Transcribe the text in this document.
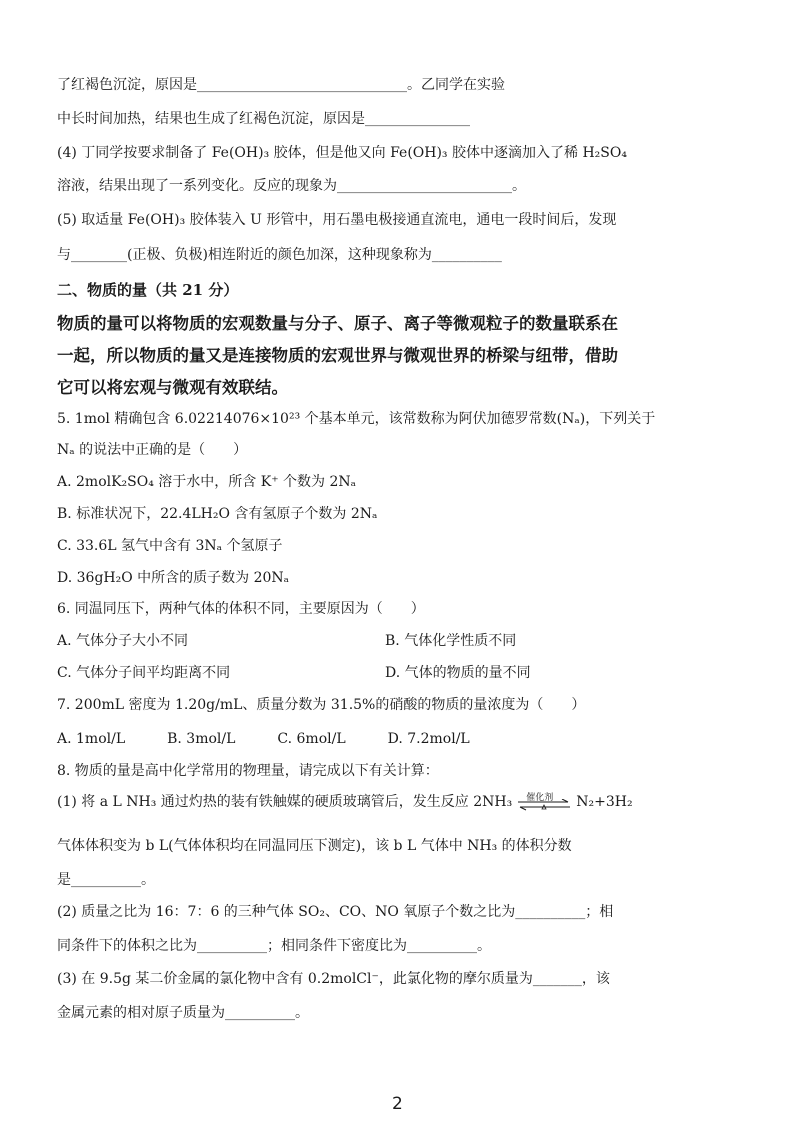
了红褐色沉淀，原因是______________________________。乙同学在实验
中长时间加热，结果也生成了红褐色沉淀，原因是_______________
(4) 丁同学按要求制备了 Fe(OH)₃ 胶体，但是他又向 Fe(OH)₃ 胶体中逐滴加入了稀 H₂SO₄
溶液，结果出现了一系列变化。反应的现象为_________________________。
(5) 取适量 Fe(OH)₃ 胶体装入 U 形管中，用石墨电极接通直流电，通电一段时间后，发现
与________(正极、负极)相连附近的颜色加深，这种现象称为__________
二、物质的量（共 21 分）
物质的量可以将物质的宏观数量与分子、原子、离子等微观粒子的数量联系在
一起，所以物质的量又是连接物质的宏观世界与微观世界的桥梁与纽带，借助
它可以将宏观与微观有效联结。
5. 1mol 精确包含 6.02214076×10²³ 个基本单元，该常数称为阿伏加德罗常数(Nₐ)，下列关于
Nₐ 的说法中正确的是（　　）
A. 2molK₂SO₄ 溶于水中，所含 K⁺ 个数为 2Nₐ
B. 标准状况下，22.4LH₂O 含有氢原子个数为 2Nₐ
C. 33.6L 氢气中含有 3Nₐ 个氢原子
D. 36gH₂O 中所含的质子数为 20Nₐ
6. 同温同压下，两种气体的体积不同，主要原因为（　　）
A. 气体分子大小不同	B. 气体化学性质不同
C. 气体分子间平均距离不同	D. 气体的物质的量不同
7. 200mL 密度为 1.20g/mL、质量分数为 31.5%的硝酸的物质的量浓度为（　　）
A. 1mol/L　　　B. 3mol/L　　　C. 6mol/L　　　D. 7.2mol/L
8. 物质的量是高中化学常用的物理量，请完成以下有关计算：
(1) 将 a L NH₃ 通过灼热的装有铁触媒的硬质玻璃管后，发生反应 2NH₃ 催化剂 N₂+3H₂
气体体积变为 b L(气体体积均在同温同压下测定)，该 b L 气体中 NH₃ 的体积分数
是__________。
(2) 质量之比为 16：7：6 的三种气体 SO₂、CO、NO 氧原子个数之比为__________；相
同条件下的体积之比为__________；相同条件下密度比为__________。
(3) 在 9.5g 某二价金属的氯化物中含有 0.2molCl⁻，此氯化物的摩尔质量为_______，该
金属元素的相对原子质量为__________。
2
